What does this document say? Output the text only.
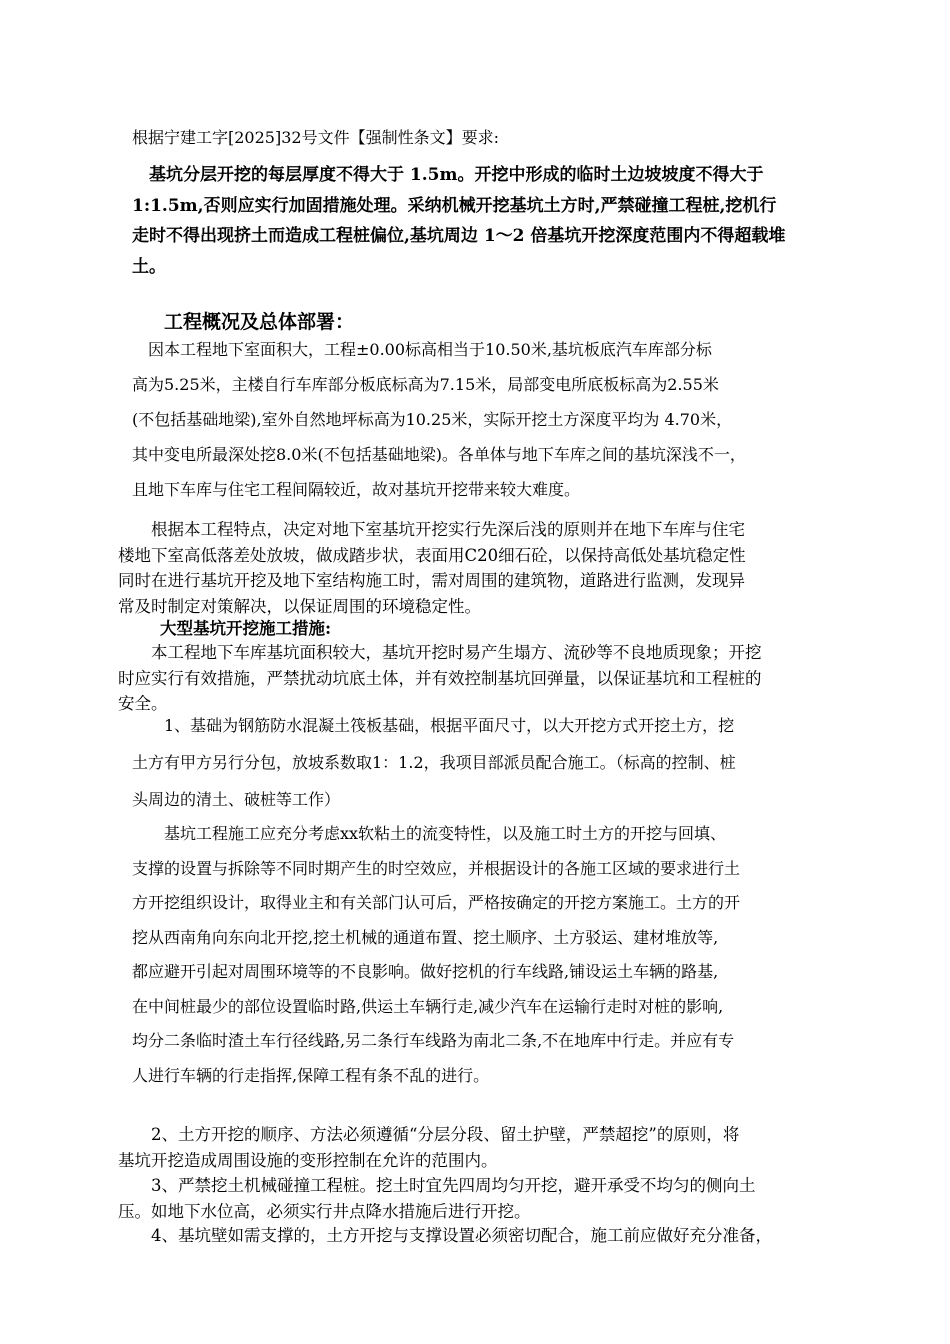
根据宁建工字[2025]32号文件【强制性条文】要求:

　基坑分层开挖的每层厚度不得大于 1.5m。开挖中形成的临时土边坡坡度不得大于
1:1.5m,否则应实行加固措施处理。采纳机械开挖基坑土方时,严禁碰撞工程桩,挖机行
走时不得出现挤土而造成工程桩偏位,基坑周边 1～2 倍基坑开挖深度范围内不得超载堆
土。
工程概况及总体部署：
　因本工程地下室面积大，工程±0.00标高相当于10.50米,基坑板底汽车库部分标
高为5.25米，主楼自行车库部分板底标高为7.15米，局部变电所底板标高为2.55米
(不包括基础地梁),室外自然地坪标高为10.25米，实际开挖土方深度平均为 4.70米，
其中变电所最深处挖8.0米(不包括基础地梁)。各单体与地下车库之间的基坑深浅不一，
且地下车库与住宅工程间隔较近，故对基坑开挖带来较大难度。
　　根据本工程特点，决定对地下室基坑开挖实行先深后浅的原则并在地下车库与住宅
楼地下室高低落差处放坡，做成踏步状，表面用C20细石砼，以保持高低处基坑稳定性
同时在进行基坑开挖及地下室结构施工时，需对周围的建筑物，道路进行监测，发现异
常及时制定对策解决，以保证周围的环境稳定性。
大型基坑开挖施工措施:
　　本工程地下车库基坑面积较大，基坑开挖时易产生塌方、流砂等不良地质现象；开挖
时应实行有效措施，严禁扰动坑底土体，并有效控制基坑回弹量，以保证基坑和工程桩的
安全。
　　1、基础为钢筋防水混凝土筏板基础，根据平面尺寸，以大开挖方式开挖土方，挖
土方有甲方另行分包，放坡系数取1：1.2，我项目部派员配合施工。（标高的控制、桩
头周边的清土、破桩等工作）
　　基坑工程施工应充分考虑xx软粘土的流变特性，以及施工时土方的开挖与回填、
支撑的设置与拆除等不同时期产生的时空效应，并根据设计的各施工区域的要求进行土
方开挖组织设计，取得业主和有关部门认可后，严格按确定的开挖方案施工。土方的开
挖从西南角向东向北开挖,挖土机械的通道布置、挖土顺序、土方驳运、建材堆放等,
都应避开引起对周围环境等的不良影响。做好挖机的行车线路,铺设运土车辆的路基,
在中间桩最少的部位设置临时路,供运土车辆行走,减少汽车在运输行走时对桩的影响,
均分二条临时渣土车行径线路,另二条行车线路为南北二条,不在地库中行走。并应有专
人进行车辆的行走指挥,保障工程有条不乱的进行。
　　2、土方开挖的顺序、方法必须遵循“分层分段、留土护壁，严禁超挖”的原则，将
基坑开挖造成周围设施的变形控制在允许的范围内。
　　3、严禁挖土机械碰撞工程桩。挖土时宜先四周均匀开挖，避开承受不均匀的侧向土
压。如地下水位高，必须实行井点降水措施后进行开挖。
　　4、基坑壁如需支撑的，土方开挖与支撑设置必须密切配合，施工前应做好充分准备，
